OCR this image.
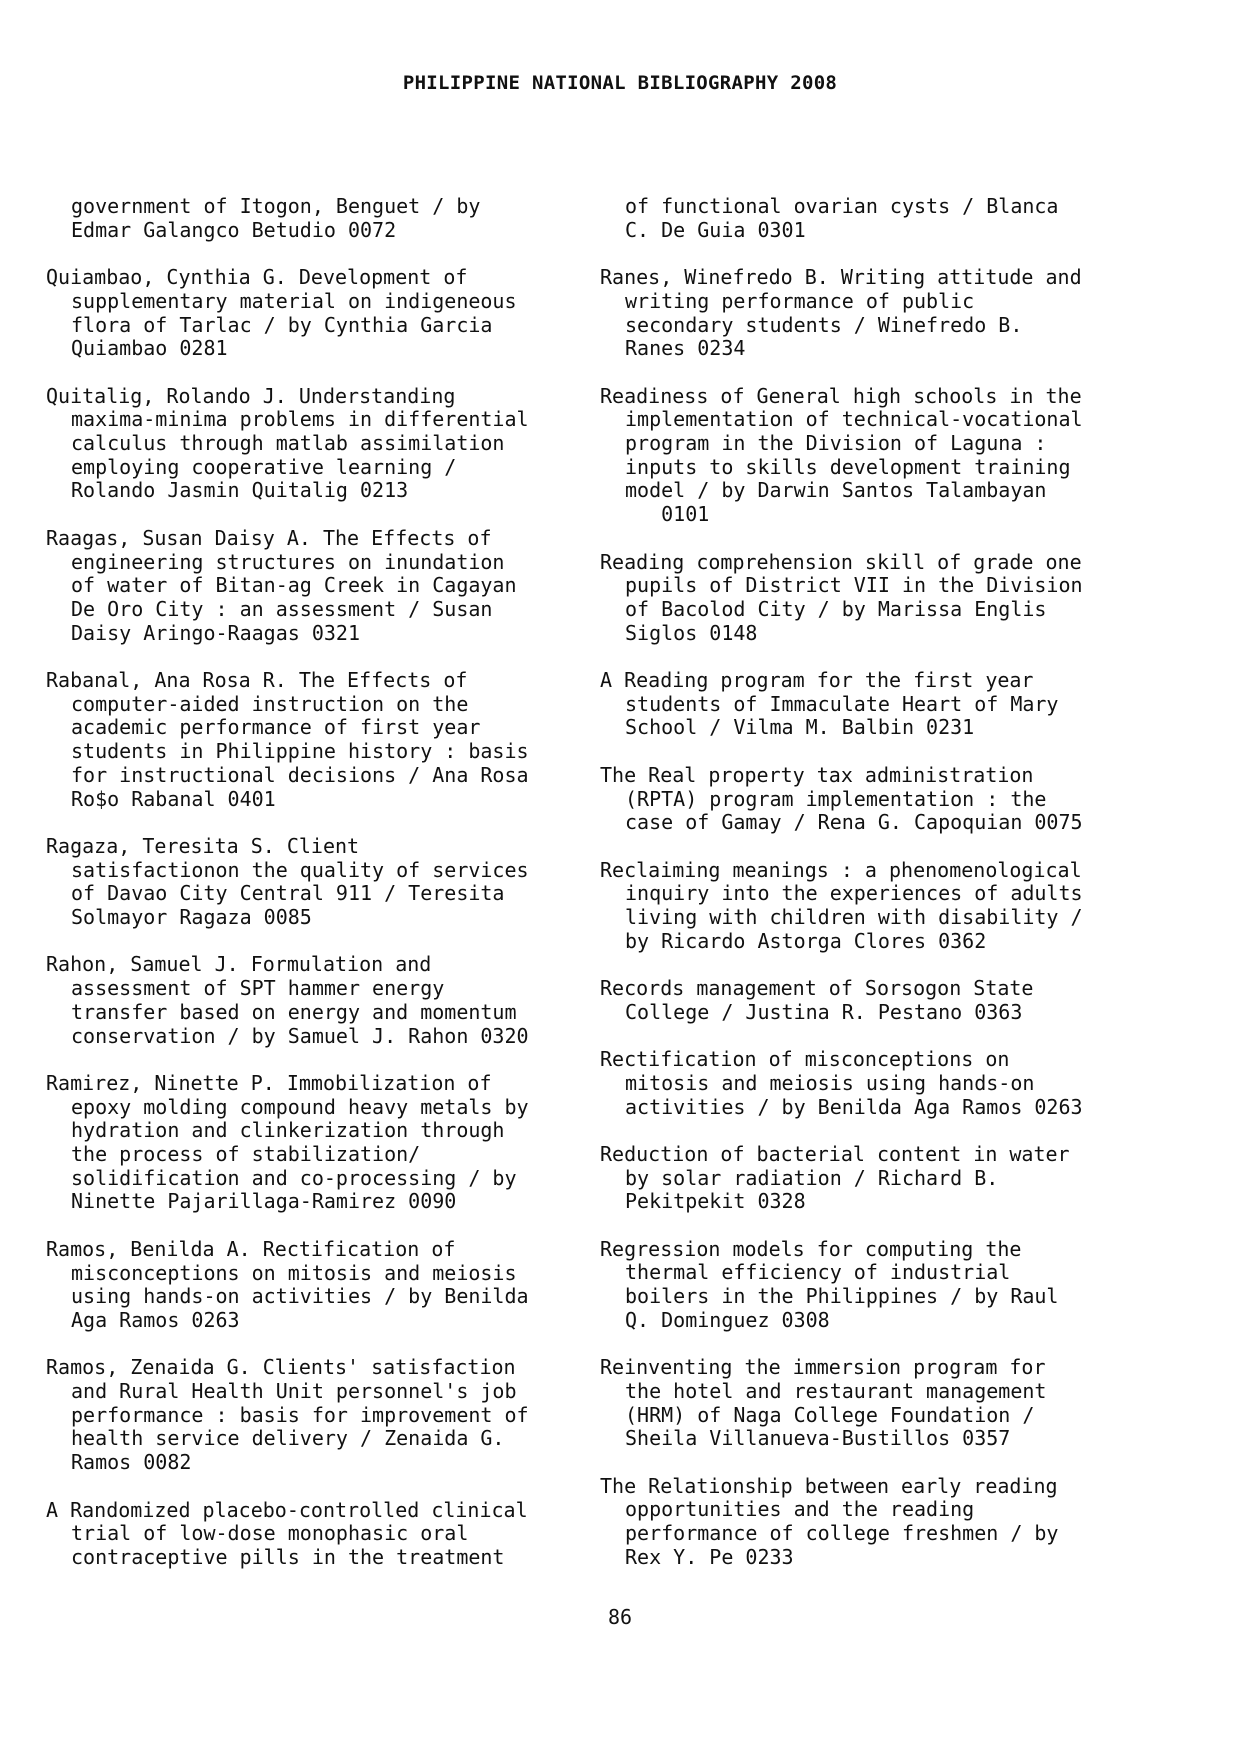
PHILIPPINE NATIONAL BIBLIOGRAPHY 2008

government of Itogon, Benguet / by
Edmar Galangco Betudio 0072

Quiambao, Cynthia G. Development of
supplementary material on indigeneous
flora of Tarlac / by Cynthia Garcia
Quiambao 0281

Quitalig, Rolando J. Understanding
maxima-minima problems in differential
calculus through matlab assimilation
employing cooperative learning /
Rolando Jasmin Quitalig 0213

Raagas, Susan Daisy A. The Effects of
engineering structures on inundation
of water of Bitan-ag Creek in Cagayan
De Oro City : an assessment / Susan
Daisy Aringo-Raagas 0321

Rabanal, Ana Rosa R. The Effects of
computer-aided instruction on the
academic performance of first year
students in Philippine history : basis
for instructional decisions / Ana Rosa
Ro$o Rabanal 0401

Ragaza, Teresita S. Client
satisfactionon the quality of services
of Davao City Central 911 / Teresita
Solmayor Ragaza 0085

Rahon, Samuel J. Formulation and
assessment of SPT hammer energy
transfer based on energy and momentum
conservation / by Samuel J. Rahon 0320

Ramirez, Ninette P. Immobilization of
epoxy molding compound heavy metals by
hydration and clinkerization through
the process of stabilization/
solidification and co-processing / by
Ninette Pajarillaga-Ramirez 0090

Ramos, Benilda A. Rectification of
misconceptions on mitosis and meiosis
using hands-on activities / by Benilda
Aga Ramos 0263

Ramos, Zenaida G. Clients' satisfaction
and Rural Health Unit personnel's job
performance : basis for improvement of
health service delivery / Zenaida G.
Ramos 0082

A Randomized placebo-controlled clinical
trial of low-dose monophasic oral
contraceptive pills in the treatment

of functional ovarian cysts / Blanca
C. De Guia 0301

Ranes, Winefredo B. Writing attitude and
writing performance of public
secondary students / Winefredo B.
Ranes 0234

Readiness of General high schools in the
implementation of technical-vocational
program in the Division of Laguna :
inputs to skills development training
model / by Darwin Santos Talambayan
0101

Reading comprehension skill of grade one
pupils of District VII in the Division
of Bacolod City / by Marissa Englis
Siglos 0148

A Reading program for the first year
students of Immaculate Heart of Mary
School / Vilma M. Balbin 0231

The Real property tax administration
(RPTA) program implementation : the
case of Gamay / Rena G. Capoquian 0075

Reclaiming meanings : a phenomenological
inquiry into the experiences of adults
living with children with disability /
by Ricardo Astorga Clores 0362

Records management of Sorsogon State
College / Justina R. Pestano 0363

Rectification of misconceptions on
mitosis and meiosis using hands-on
activities / by Benilda Aga Ramos 0263

Reduction of bacterial content in water
by solar radiation / Richard B.
Pekitpekit 0328

Regression models for computing the
thermal efficiency of industrial
boilers in the Philippines / by Raul
Q. Dominguez 0308

Reinventing the immersion program for
the hotel and restaurant management
(HRM) of Naga College Foundation /
Sheila Villanueva-Bustillos 0357

The Relationship between early reading
opportunities and the reading
performance of college freshmen / by
Rex Y. Pe 0233

86
